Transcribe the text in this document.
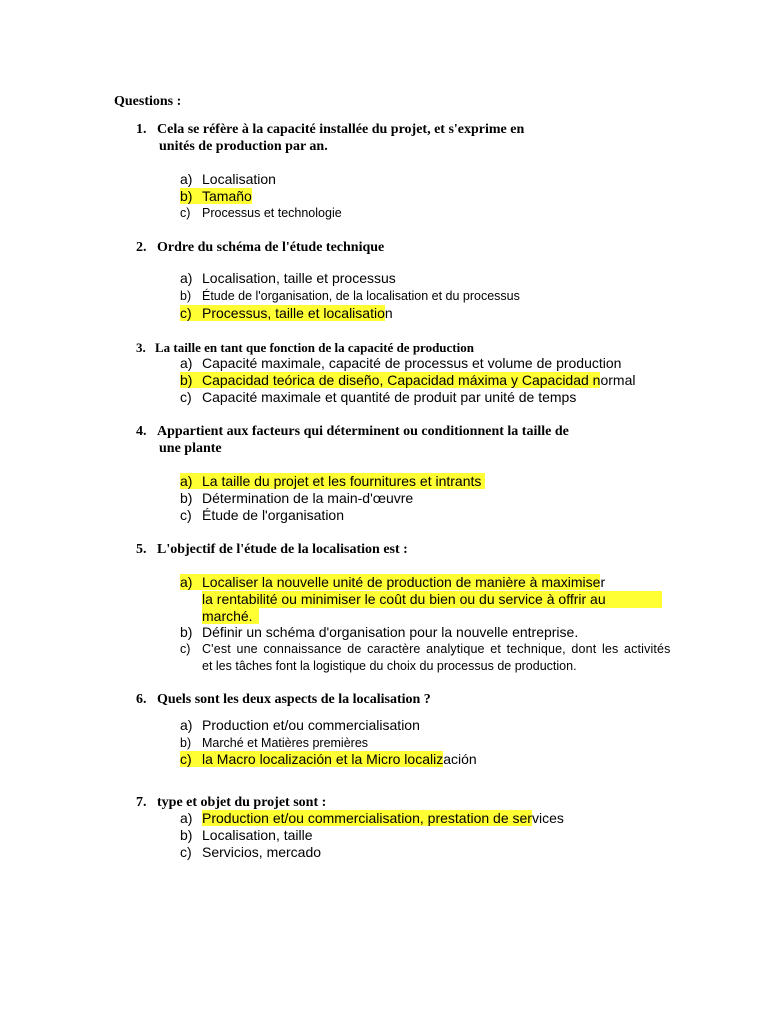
Questions :
1. Cela se réfère à la capacité installée du projet, et s'exprime en
unités de production par an.
a) Localisation
b) Tamaño
c) Processus et technologie
2. Ordre du schéma de l'étude technique
a) Localisation, taille et processus
b) Étude de l'organisation, de la localisation et du processus
c) Processus, taille et localisation
3. La taille en tant que fonction de la capacité de production
a) Capacité maximale, capacité de processus et volume de production
b) Capacidad teórica de diseño, Capacidad máxima y Capacidad normal
c) Capacité maximale et quantité de produit par unité de temps
4. Appartient aux facteurs qui déterminent ou conditionnent la taille de
une plante
a) La taille du projet et les fournitures et intrants
b) Détermination de la main-d'œuvre
c) Étude de l'organisation
5. L'objectif de l'étude de la localisation est :
a) Localiser la nouvelle unité de production de manière à maximiser
la rentabilité ou minimiser le coût du bien ou du service à offrir au
marché.
b) Définir un schéma d'organisation pour la nouvelle entreprise.
c) C'est une connaissance de caractère analytique et technique, dont les activités
et les tâches font la logistique du choix du processus de production.
6. Quels sont les deux aspects de la localisation ?
a) Production et/ou commercialisation
b) Marché et Matières premières
c) la Macro localización et la Micro localización
7. type et objet du projet sont :
a) Production et/ou commercialisation, prestation de services
b) Localisation, taille
c) Servicios, mercado
